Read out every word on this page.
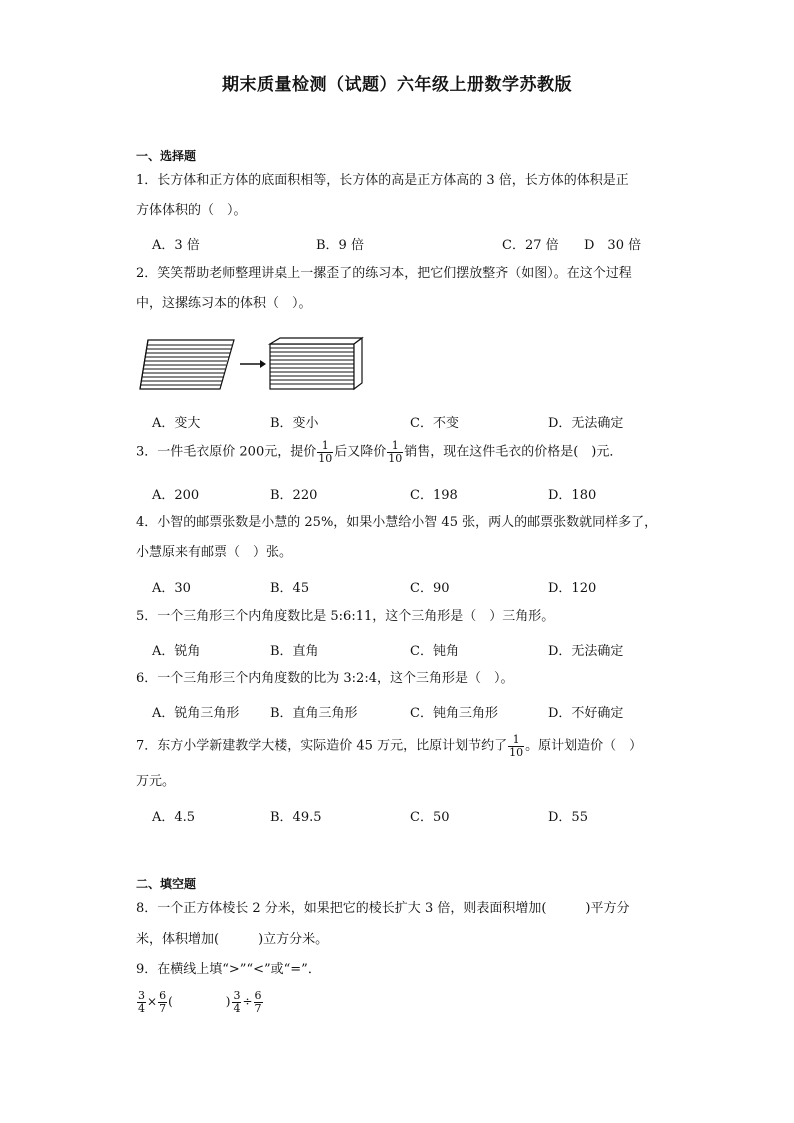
期末质量检测（试题）六年级上册数学苏教版
一、选择题
1．长方体和正方体的底面积相等，长方体的高是正方体高的 3 倍，长方体的体积是正
方体体积的（　）。
A．3 倍	B．9 倍	C．27 倍 D　30 倍
2．笑笑帮助老师整理讲桌上一摞歪了的练习本，把它们摆放整齐（如图）。在这个过程
中，这摞练习本的体积（　）。
A．变大	B．变小	C．不变	D．无法确定
3．一件毛衣原价 200元，提价 $\frac{1}{10}$ 后又降价 $\frac{1}{10}$ 销售，现在这件毛衣的价格是(　)元．
A．200	B．220	C．198	D．180
4．小智的邮票张数是小慧的 25%，如果小慧给小智 45 张，两人的邮票张数就同样多了，
小慧原来有邮票（　）张。
A．30	B．45	C．90	D．120
5．一个三角形三个内角度数比是 5:6:11，这个三角形是（　）三角形。
A．锐角	B．直角	C．钝角	D．无法确定
6．一个三角形三个内角度数的比为 3:2:4，这个三角形是（　）。
A．锐角三角形 B．直角三角形	C．钝角三角形	D．不好确定
7．东方小学新建教学大楼，实际造价 45 万元，比原计划节约了 $\frac{1}{10}$ 。原计划造价（　）
万元。
A．4.5	B．49.5	C．50	D．55
二、填空题
8．一个正方体棱长 2 分米，如果把它的棱长扩大 3 倍，则表面积增加(　　　)平方分
米，体积增加(　　　)立方分米。
9．在横线上填“>”“<”或“=”．
$\frac{3}{4} \times \frac{6}{7}$ (　　　　) $\frac{3}{4} \div \frac{6}{7}$
